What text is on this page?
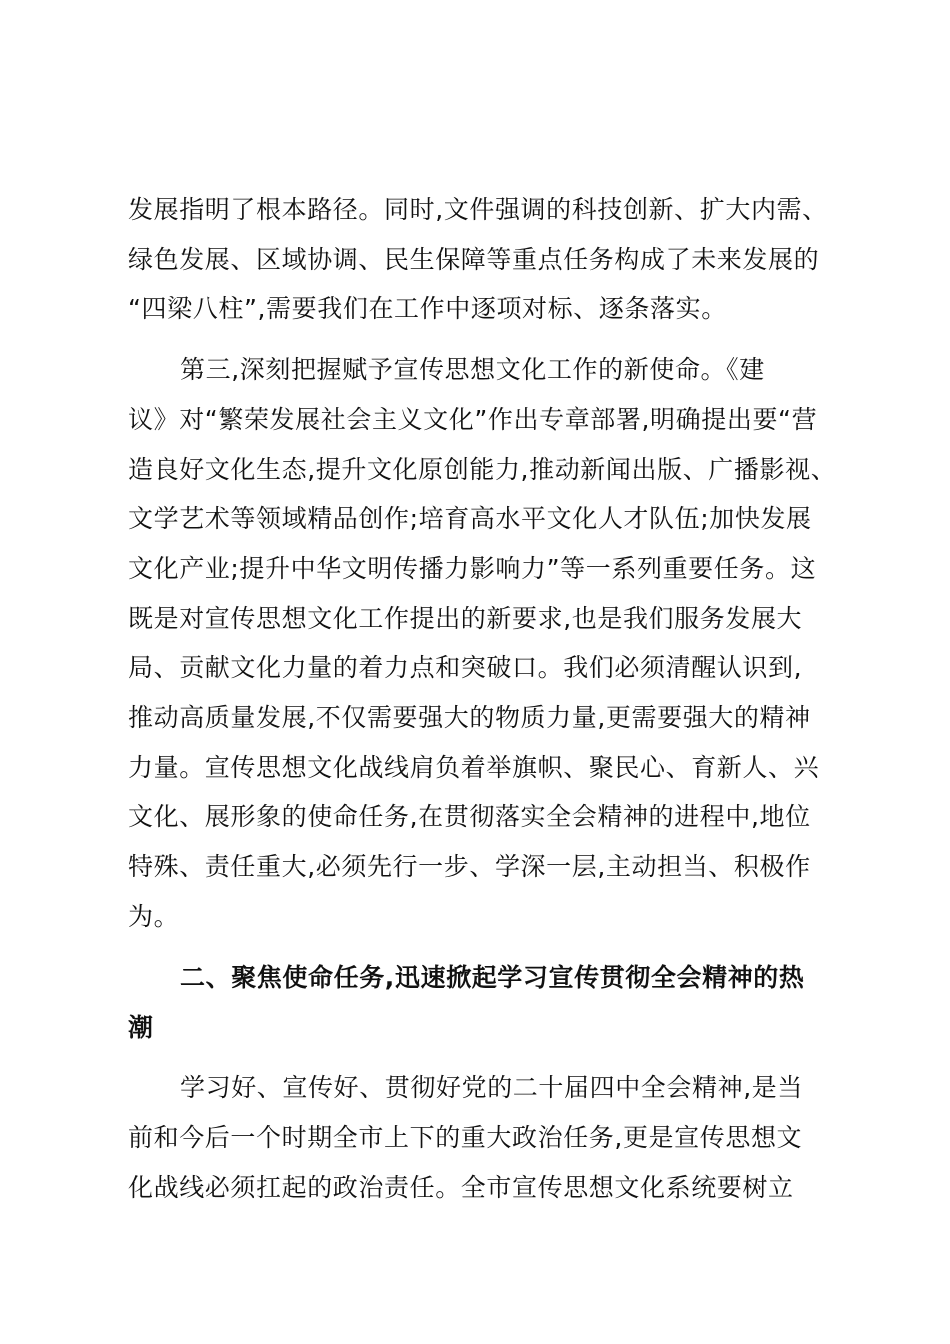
发展指明了根本路径。同时,文件强调的科技创新、扩大内需、
绿色发展、区域协调、民生保障等重点任务构成了未来发展的
“四梁八柱”,需要我们在工作中逐项对标、逐条落实。
第三,深刻把握赋予宣传思想文化工作的新使命。《建
议》对“繁荣发展社会主义文化”作出专章部署,明确提出要“营
造良好文化生态,提升文化原创能力,推动新闻出版、广播影视、
文学艺术等领域精品创作;培育高水平文化人才队伍;加快发展
文化产业;提升中华文明传播力影响力”等一系列重要任务。这
既是对宣传思想文化工作提出的新要求,也是我们服务发展大
局、贡献文化力量的着力点和突破口。我们必须清醒认识到,
推动高质量发展,不仅需要强大的物质力量,更需要强大的精神
力量。宣传思想文化战线肩负着举旗帜、聚民心、育新人、兴
文化、展形象的使命任务,在贯彻落实全会精神的进程中,地位
特殊、责任重大,必须先行一步、学深一层,主动担当、积极作
为。
二、聚焦使命任务,迅速掀起学习宣传贯彻全会精神的热
潮
学习好、宣传好、贯彻好党的二十届四中全会精神,是当
前和今后一个时期全市上下的重大政治任务,更是宣传思想文
化战线必须扛起的政治责任。全市宣传思想文化系统要树立
